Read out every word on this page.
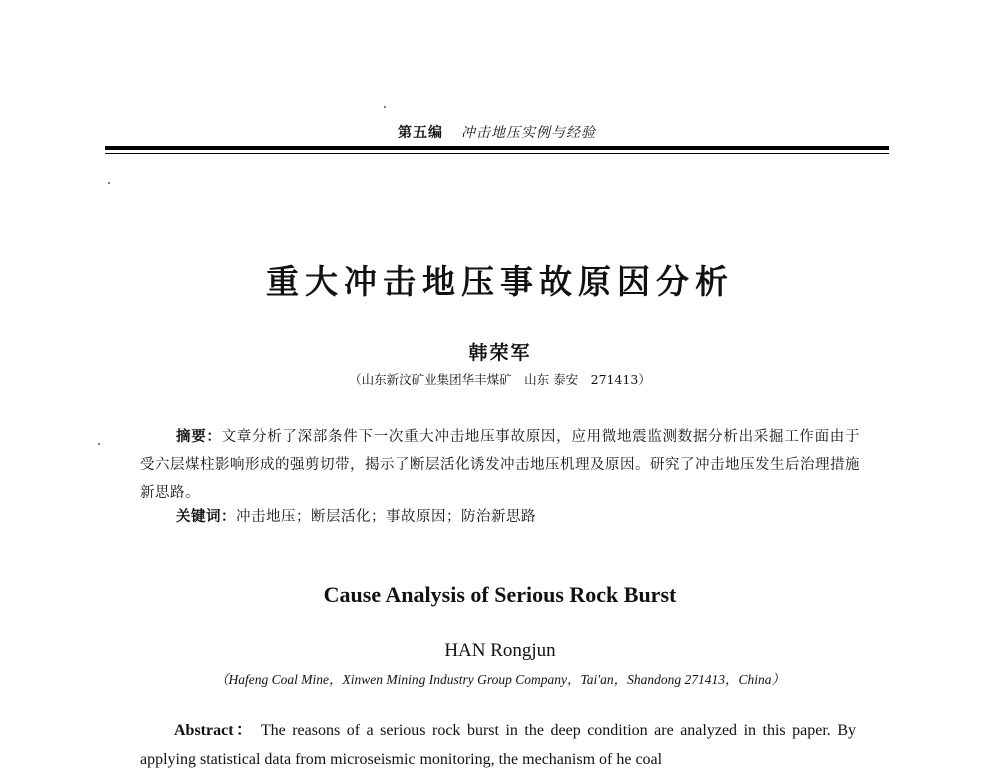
第五编 冲击地压实例与经验
重大冲击地压事故原因分析
韩荣军
（山东新汶矿业集团华丰煤矿　山东 泰安　271413）
摘要：文章分析了深部条件下一次重大冲击地压事故原因，应用微地震监测数据分析出采掘工作面由于受六层煤柱影响形成的强剪切带，揭示了断层活化诱发冲击地压机理及原因。研究了冲击地压发生后治理措施新思路。
关键词：冲击地压；断层活化；事故原因；防治新思路
Cause Analysis of Serious Rock Burst
HAN Rongjun
（Hafeng Coal Mine，Xinwen Mining Industry Group Company，Tai'an，Shandong 271413，China）
Abstract： The reasons of a serious rock burst in the deep condition are analyzed in this paper. By applying statistical data from microseismic monitoring, the mechanism of he coal
